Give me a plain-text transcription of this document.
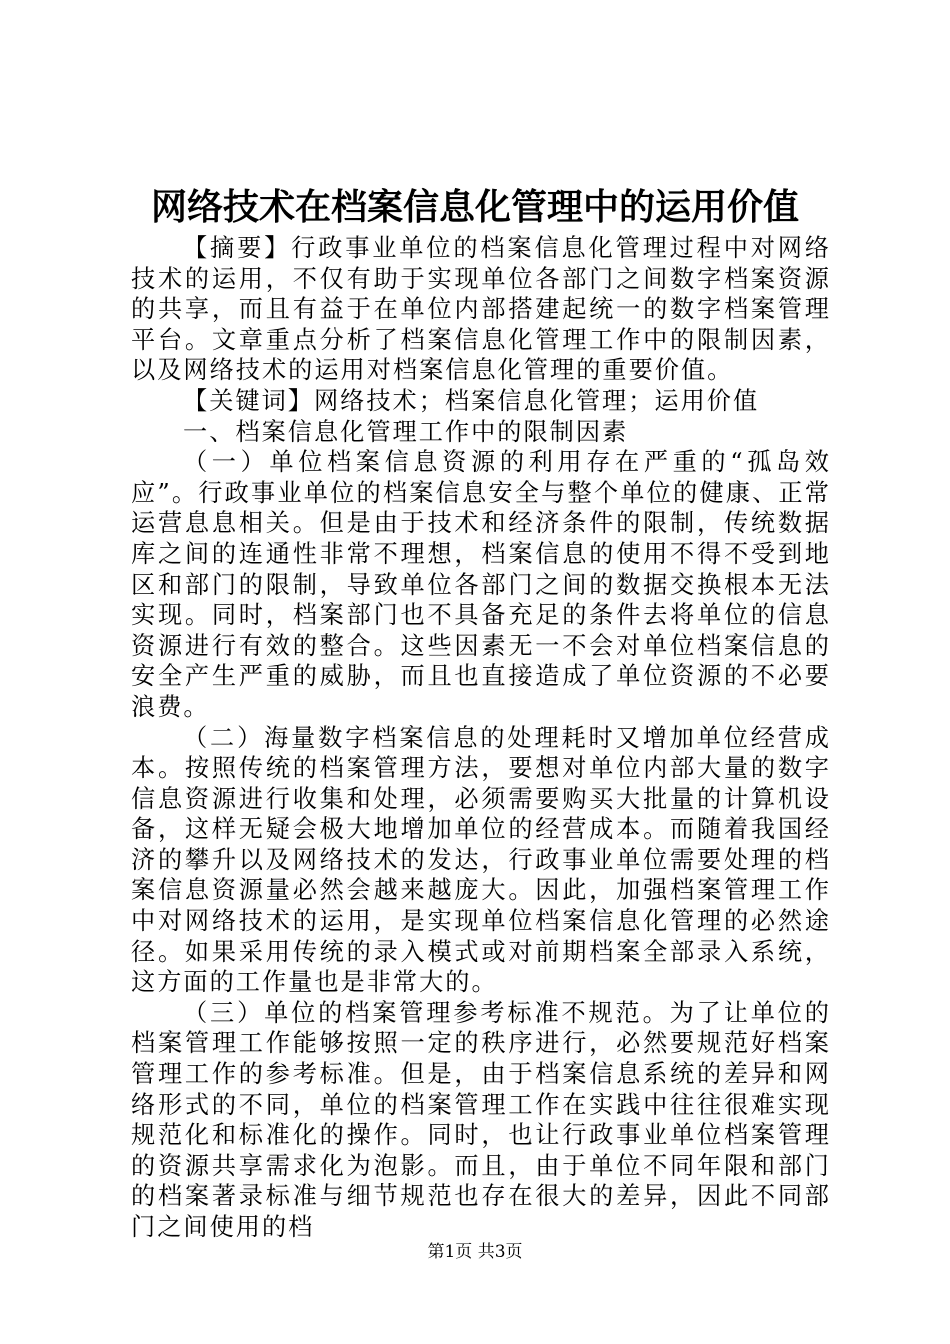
网络技术在档案信息化管理中的运用价值

【摘要】行政事业单位的档案信息化管理过程中对网络技术的运用，不仅有助于实现单位各部门之间数字档案资源的共享，而且有益于在单位内部搭建起统一的数字档案管理平台。文章重点分析了档案信息化管理工作中的限制因素，以及网络技术的运用对档案信息化管理的重要价值。

【关键词】网络技术；档案信息化管理；运用价值

一、档案信息化管理工作中的限制因素

（一）单位档案信息资源的利用存在严重的“孤岛效应”。行政事业单位的档案信息安全与整个单位的健康、正常运营息息相关。但是由于技术和经济条件的限制，传统数据库之间的连通性非常不理想，档案信息的使用不得不受到地区和部门的限制，导致单位各部门之间的数据交换根本无法实现。同时，档案部门也不具备充足的条件去将单位的信息资源进行有效的整合。这些因素无一不会对单位档案信息的安全产生严重的威胁，而且也直接造成了单位资源的不必要浪费。

（二）海量数字档案信息的处理耗时又增加单位经营成本。按照传统的档案管理方法，要想对单位内部大量的数字信息资源进行收集和处理，必须需要购买大批量的计算机设备，这样无疑会极大地增加单位的经营成本。而随着我国经济的攀升以及网络技术的发达，行政事业单位需要处理的档案信息资源量必然会越来越庞大。因此，加强档案管理工作中对网络技术的运用，是实现单位档案信息化管理的必然途径。如果采用传统的录入模式或对前期档案全部录入系统，这方面的工作量也是非常大的。

（三）单位的档案管理参考标准不规范。为了让单位的档案管理工作能够按照一定的秩序进行，必然要规范好档案管理工作的参考标准。但是，由于档案信息系统的差异和网络形式的不同，单位的档案管理工作在实践中往往很难实现规范化和标准化的操作。同时，也让行政事业单位档案管理的资源共享需求化为泡影。而且，由于单位不同年限和部门的档案著录标准与细节规范也存在很大的差异，因此不同部门之间使用的档

第1页 共3页
